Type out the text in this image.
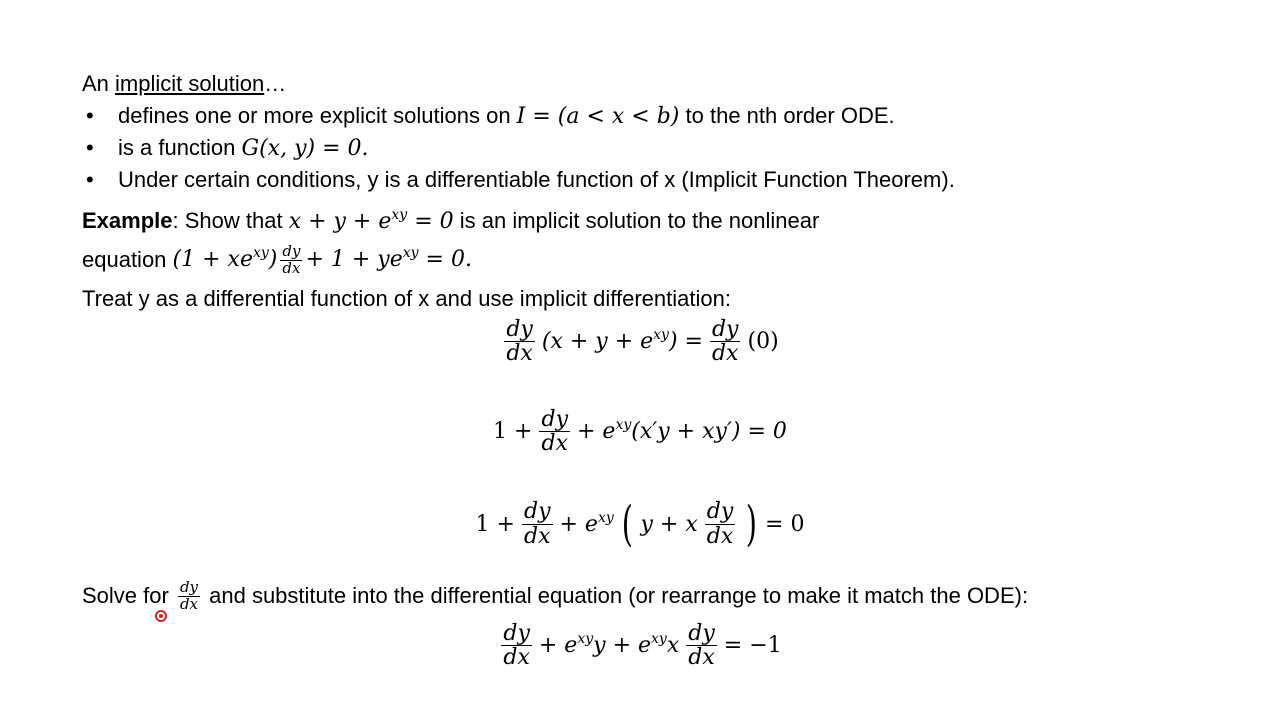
An implicit solution…
• defines one or more explicit solutions on I = (a < x < b) to the nth order ODE.
• is a function G(x, y) = 0.
• Under certain conditions, y is a differentiable function of x (Implicit Function Theorem).
Example: Show that $x + y + e^{xy} = 0$ is an implicit solution to the nonlinear
equation $(1 + xe^{xy}) \frac{dy}{dx} + 1 + ye^{xy} = 0$.
Treat y as a differential function of x and use implicit differentiation:
$\frac{dy}{dx} (x + y + e^{xy}) = \frac{dy}{dx} (0)$
$1 + \frac{dy}{dx} + e^{xy}(x'y + xy') = 0$
$1 + \frac{dy}{dx} + e^{xy}$ ( y + x $\frac{dy}{dx}$ ) = 0
Solve for $\frac{dy}{dx}$ and substitute into the differential equation (or rearrange to make it match the ODE):
$\frac{dy}{dx} + e^{xy}y + e^{xy}x \frac{dy}{dx} = -1$
